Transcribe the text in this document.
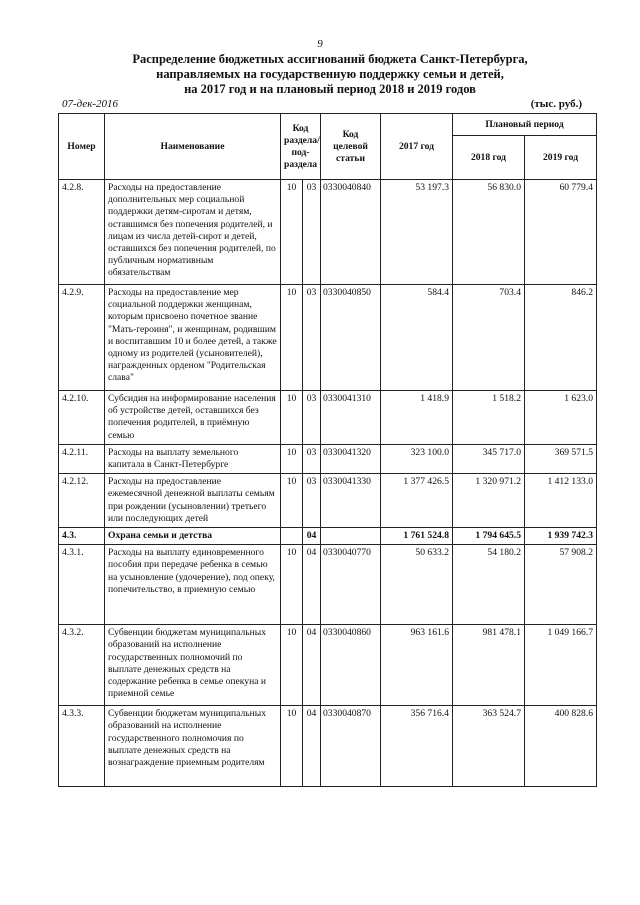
9
Распределение бюджетных ассигнований бюджета Санкт-Петербурга,
направляемых на государственную поддержку семьи и детей,
на 2017 год и на плановый период 2018 и 2019 годов
07-дек-2016	(тыс. руб.)
Номер	Наименование	Код раздела/ под-раздела		Код целевой статьи	2017 год	Плановый период	
						2018 год	2019 год
4.2.8.	Расходы на предоставление дополнительных мер социальной поддержки детям-сиротам и детям, оставшимся без попечения родителей, и лицам из числа детей-сирот и детей, оставшихся без попечения родителей, по публичным нормативным обязательствам	10	03	0330040840	53 197.3	56 830.0	60 779.4
4.2.9.	Расходы на предоставление мер социальной поддержки женщинам, которым присвоено почетное звание "Мать-героиня", и женщинам, родившим и воспитавшим 10 и более детей, а также одному из родителей (усыновителей), награжденных орденом "Родительская слава"	10	03	0330040850	584.4	703.4	846.2
4.2.10.	Субсидия на информирование населения об устройстве детей, оставшихся без попечения родителей, в приёмную семью	10	03	0330041310	1 418.9	1 518.2	1 623.0
4.2.11.	Расходы на выплату земельного капитала в Санкт-Петербурге	10	03	0330041320	323 100.0	345 717.0	369 571.5
4.2.12.	Расходы на предоставление ежемесячной денежной выплаты семьям при рождении (усыновлении) третьего или последующих детей	10	03	0330041330	1 377 426.5	1 320 971.2	1 412 133.0
4.3.	Охрана семьи и детства		04		1 761 524.8	1 794 645.5	1 939 742.3
4.3.1.	Расходы на выплату единовременного пособия при передаче ребенка в семью на усыновление (удочерение), под опеку, попечительство, в приемную семью	10	04	0330040770	50 633.2	54 180.2	57 908.2
4.3.2.	Субвенции бюджетам муниципальных образований на исполнение государственных полномочий по выплате денежных средств на содержание ребенка в семье опекуна и приемной семье	10	04	0330040860	963 161.6	981 478.1	1 049 166.7
4.3.3.	Субвенции бюджетам муниципальных образований на исполнение государственного полномочия по выплате денежных средств на вознаграждение приемным родителям	10	04	0330040870	356 716.4	363 524.7	400 828.6
